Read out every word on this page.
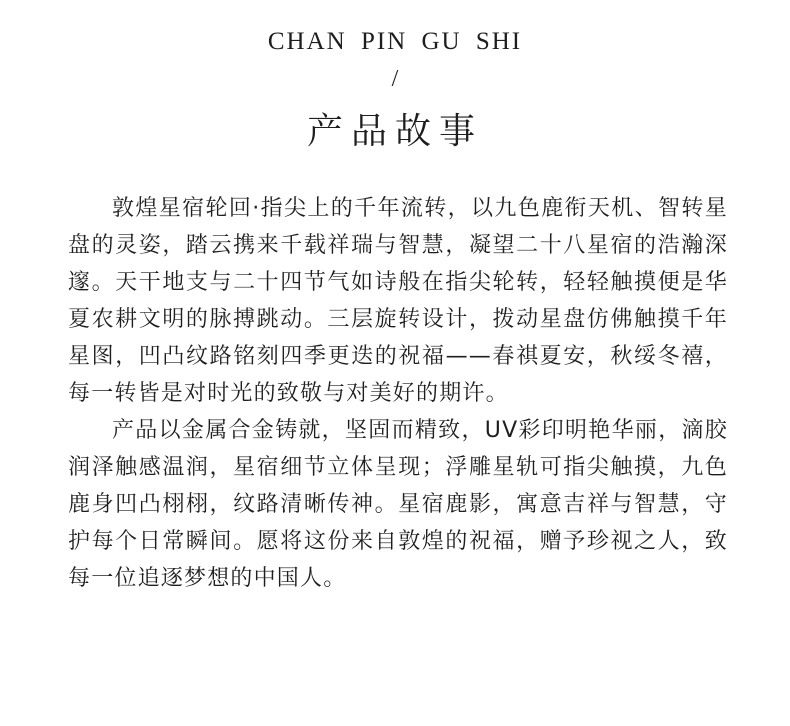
CHAN PIN GU SHI
/
产品故事

敦煌星宿轮回·指尖上的千年流转，以九色鹿衔天机、智转星盘的灵姿，踏云携来千载祥瑞与智慧，凝望二十八星宿的浩瀚深邃。天干地支与二十四节气如诗般在指尖轮转，轻轻触摸便是华夏农耕文明的脉搏跳动。三层旋转设计，拨动星盘仿佛触摸千年星图，凹凸纹路铭刻四季更迭的祝福——春祺夏安，秋绥冬禧，每一转皆是对时光的致敬与对美好的期许。

产品以金属合金铸就，坚固而精致，UV彩印明艳华丽，滴胶润泽触感温润，星宿细节立体呈现；浮雕星轨可指尖触摸，九色鹿身凹凸栩栩，纹路清晰传神。星宿鹿影，寓意吉祥与智慧，守护每个日常瞬间。愿将这份来自敦煌的祝福，赠予珍视之人，致每一位追逐梦想的中国人。
